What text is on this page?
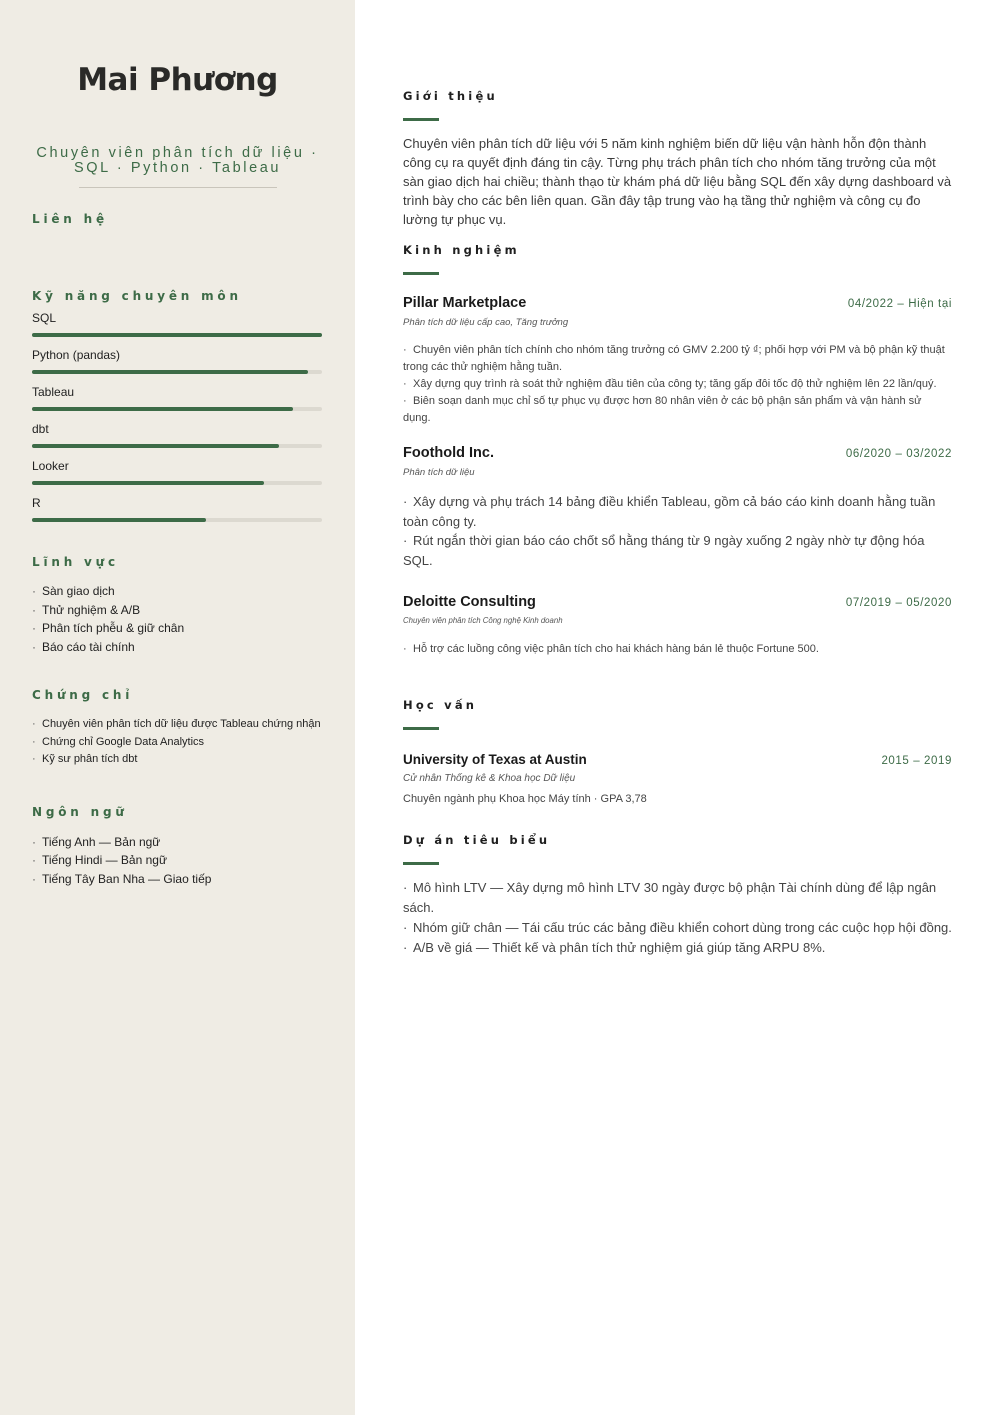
Mai Phương
Chuyên viên phân tích dữ liệu ·
SQL · Python · Tableau
Liên hệ
Kỹ năng chuyên môn
SQL
Python (pandas)
Tableau
dbt
Looker
R
Lĩnh vực
· Sàn giao dịch
· Thử nghiệm & A/B
· Phân tích phễu & giữ chân
· Báo cáo tài chính
Chứng chỉ
· Chuyên viên phân tích dữ liệu được Tableau chứng nhận
· Chứng chỉ Google Data Analytics
· Kỹ sư phân tích dbt
Ngôn ngữ
· Tiếng Anh — Bản ngữ
· Tiếng Hindi — Bản ngữ
· Tiếng Tây Ban Nha — Giao tiếp
Giới thiệu

Chuyên viên phân tích dữ liệu với 5 năm kinh nghiệm biến dữ liệu vận hành hỗn độn thành công cụ ra quyết định đáng tin cậy. Từng phụ trách phân tích cho nhóm tăng trưởng của một sàn giao dịch hai chiều; thành thạo từ khám phá dữ liệu bằng SQL đến xây dựng dashboard và trình bày cho các bên liên quan. Gần đây tập trung vào hạ tầng thử nghiệm và công cụ đo lường tự phục vụ.

Kinh nghiệm
Pillar Marketplace	04/2022 – Hiện tại
Phân tích dữ liệu cấp cao, Tăng trưởng
· Chuyên viên phân tích chính cho nhóm tăng trưởng có GMV 2.200 tỷ ₫; phối hợp với PM và bộ phận kỹ thuật trong các thử nghiệm hằng tuần.
· Xây dựng quy trình rà soát thử nghiệm đầu tiên của công ty; tăng gấp đôi tốc độ thử nghiệm lên 22 lần/quý.
· Biên soạn danh mục chỉ số tự phục vụ được hơn 80 nhân viên ở các bộ phận sản phẩm và vận hành sử dụng.
Foothold Inc.	06/2020 – 03/2022
Phân tích dữ liệu
· Xây dựng và phụ trách 14 bảng điều khiển Tableau, gồm cả báo cáo kinh doanh hằng tuần toàn công ty.
· Rút ngắn thời gian báo cáo chốt sổ hằng tháng từ 9 ngày xuống 2 ngày nhờ tự động hóa SQL.
Deloitte Consulting	07/2019 – 05/2020
Chuyên viên phân tích Công nghệ Kinh doanh
· Hỗ trợ các luồng công việc phân tích cho hai khách hàng bán lẻ thuộc Fortune 500.
Học vấn
University of Texas at Austin	2015 – 2019
Cử nhân Thống kê & Khoa học Dữ liệu
Chuyên ngành phụ Khoa học Máy tính · GPA 3,78
Dự án tiêu biểu
· Mô hình LTV — Xây dựng mô hình LTV 30 ngày được bộ phận Tài chính dùng để lập ngân sách.
· Nhóm giữ chân — Tái cấu trúc các bảng điều khiển cohort dùng trong các cuộc họp hội đồng.
· A/B về giá — Thiết kế và phân tích thử nghiệm giá giúp tăng ARPU 8%.
